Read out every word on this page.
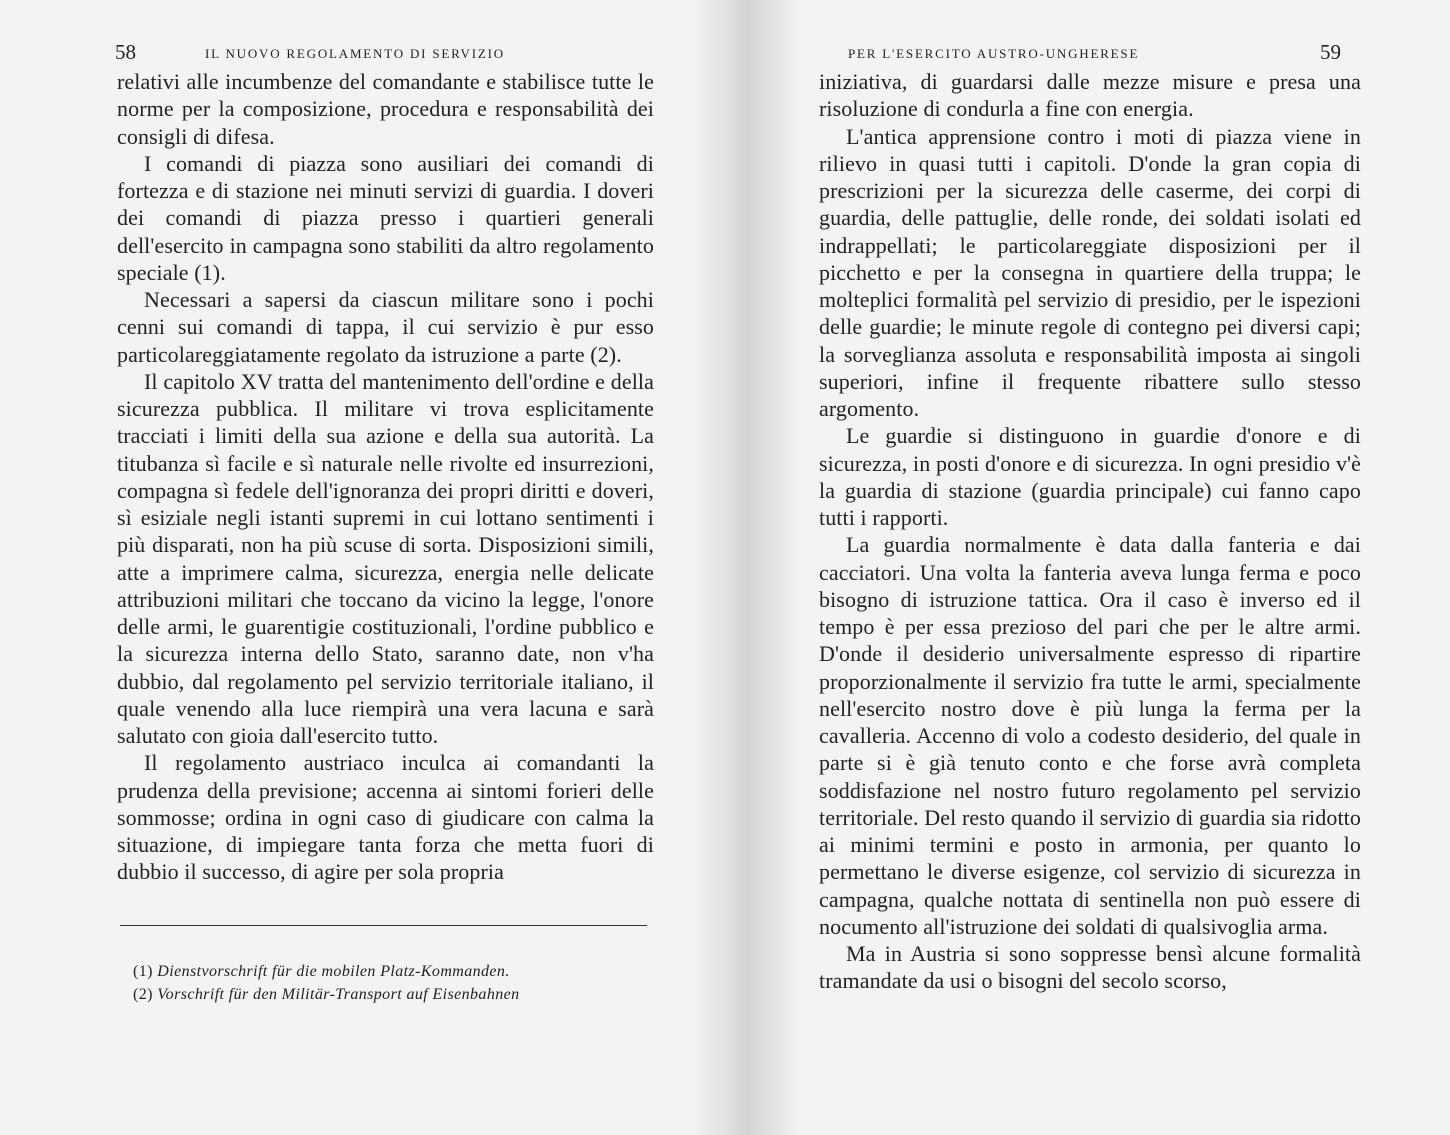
58	IL NUOVO REGOLAMENTO DI SERVIZIO

relativi alle incumbenze del comandante e stabilisce tutte le norme per la composizione, procedura e responsabilità dei consigli di difesa.

I comandi di piazza sono ausiliari dei comandi di fortezza e di stazione nei minuti servizi di guardia. I doveri dei comandi di piazza presso i quartieri generali dell'esercito in campagna sono stabiliti da altro regolamento speciale (1).

Necessari a sapersi da ciascun militare sono i pochi cenni sui comandi di tappa, il cui servizio è pur esso particolareggiatamente regolato da istruzione a parte (2).

Il capitolo XV tratta del mantenimento dell'ordine e della sicurezza pubblica. Il militare vi trova esplicitamente tracciati i limiti della sua azione e della sua autorità. La titubanza sì facile e sì naturale nelle rivolte ed insurrezioni, compagna sì fedele dell'ignoranza dei propri diritti e doveri, sì esiziale negli istanti supremi in cui lottano sentimenti i più disparati, non ha più scuse di sorta. Disposizioni simili, atte a imprimere calma, sicurezza, energia nelle delicate attribuzioni militari che toccano da vicino la legge, l'onore delle armi, le guarentigie costituzionali, l'ordine pubblico e la sicurezza interna dello Stato, saranno date, non v'ha dubbio, dal regolamento pel servizio territoriale italiano, il quale venendo alla luce riempirà una vera lacuna e sarà salutato con gioia dall'esercito tutto.

Il regolamento austriaco inculca ai comandanti la prudenza della previsione; accenna ai sintomi forieri delle sommosse; ordina in ogni caso di giudicare con calma la situazione, di impiegare tanta forza che metta fuori di dubbio il successo, di agire per sola propria

(1) Dienstvorschrift für die mobilen Platz-Kommanden.
(2) Vorschrift für den Militär-Transport auf Eisenbahnen
PER L'ESERCITO AUSTRO-UNGHERESE	59

iniziativa, di guardarsi dalle mezze misure e presa una risoluzione di condurla a fine con energia.

L'antica apprensione contro i moti di piazza viene in rilievo in quasi tutti i capitoli. D'onde la gran copia di prescrizioni per la sicurezza delle caserme, dei corpi di guardia, delle pattuglie, delle ronde, dei soldati isolati ed indrappellati; le particolareggiate disposizioni per il picchetto e per la consegna in quartiere della truppa; le molteplici formalità pel servizio di presidio, per le ispezioni delle guardie; le minute regole di contegno pei diversi capi; la sorveglianza assoluta e responsabilità imposta ai singoli superiori, infine il frequente ribattere sullo stesso argomento.

Le guardie si distinguono in guardie d'onore e di sicurezza, in posti d'onore e di sicurezza. In ogni presidio v'è la guardia di stazione (guardia principale) cui fanno capo tutti i rapporti.

La guardia normalmente è data dalla fanteria e dai cacciatori. Una volta la fanteria aveva lunga ferma e poco bisogno di istruzione tattica. Ora il caso è inverso ed il tempo è per essa prezioso del pari che per le altre armi. D'onde il desiderio universalmente espresso di ripartire proporzionalmente il servizio fra tutte le armi, specialmente nell'esercito nostro dove è più lunga la ferma per la cavalleria. Accenno di volo a codesto desiderio, del quale in parte si è già tenuto conto e che forse avrà completa soddisfazione nel nostro futuro regolamento pel servizio territoriale. Del resto quando il servizio di guardia sia ridotto ai minimi termini e posto in armonia, per quanto lo permettano le diverse esigenze, col servizio di sicurezza in campagna, qualche nottata di sentinella non può essere di nocumento all'istruzione dei soldati di qualsivoglia arma.

Ma in Austria si sono soppresse bensì alcune formalità tramandate da usi o bisogni del secolo scorso,
